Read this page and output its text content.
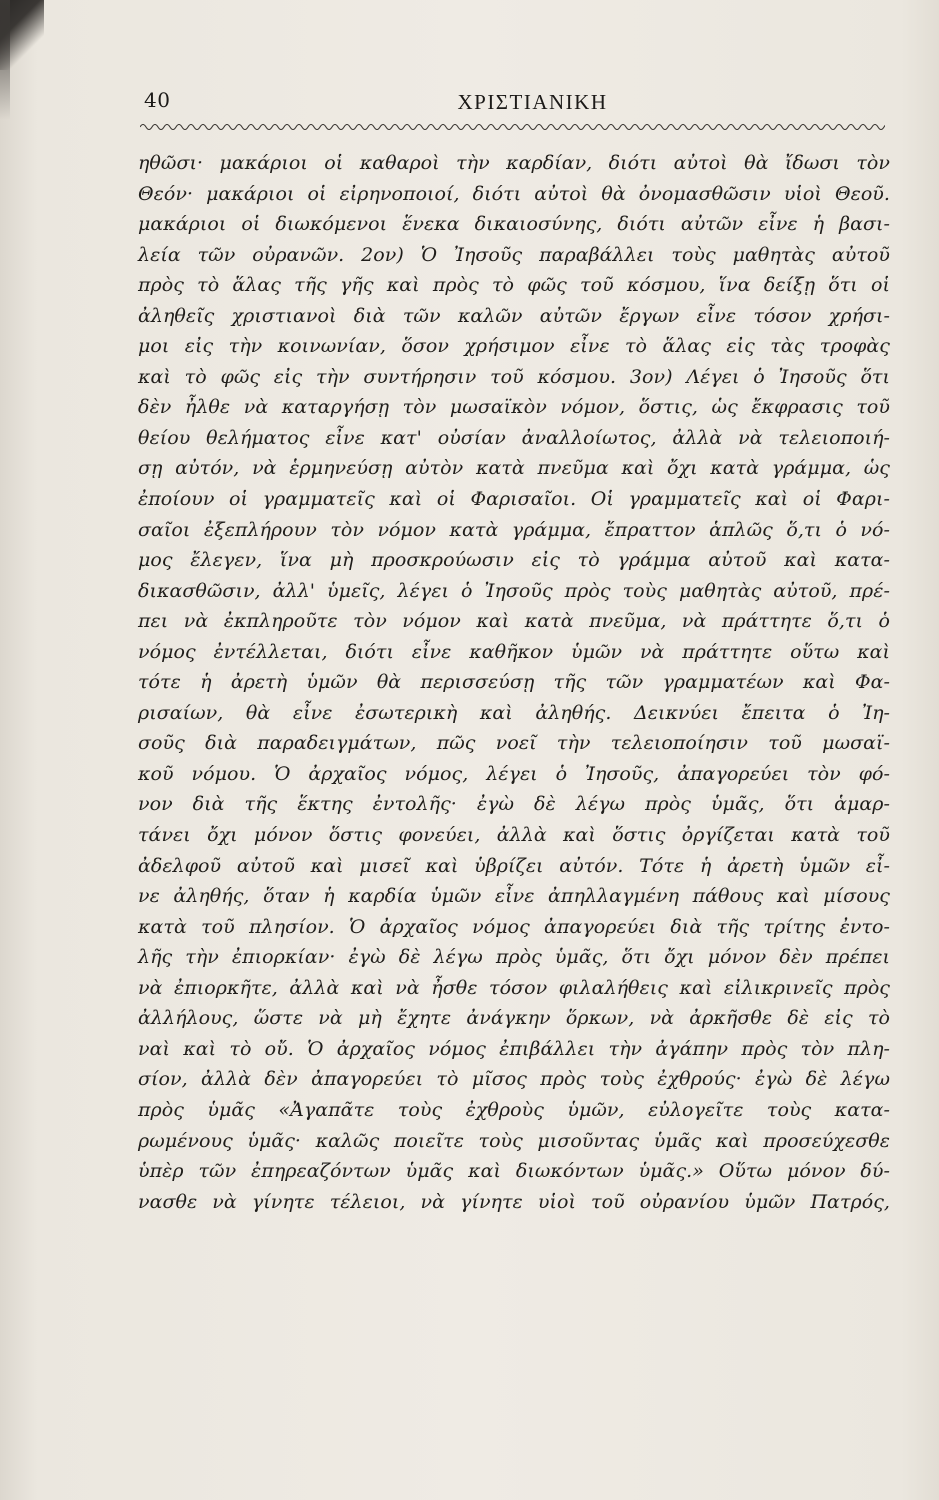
40	ΧΡΙΣΤΙΑΝΙΚΗ
ηθῶσι· μακάριοι οἱ καθαροὶ τὴν καρδίαν, διότι αὐτοὶ θὰ ἴδωσι τὸν
Θεόν· μακάριοι οἱ εἰρηνοποιοί, διότι αὐτοὶ θὰ ὀνομασθῶσιν υἱοὶ Θεοῦ.
μακάριοι οἱ διωκόμενοι ἕνεκα δικαιοσύνης, διότι αὐτῶν εἶνε ἡ βασι-
λεία τῶν οὐρανῶν. 2ον) Ὁ Ἰησοῦς παραβάλλει τοὺς μαθητὰς αὐτοῦ
πρὸς τὸ ἅλας τῆς γῆς καὶ πρὸς τὸ φῶς τοῦ κόσμου, ἵνα δείξῃ ὅτι οἱ
ἀληθεῖς χριστιανοὶ διὰ τῶν καλῶν αὐτῶν ἔργων εἶνε τόσον χρήσι-
μοι εἰς τὴν κοινωνίαν, ὅσον χρήσιμον εἶνε τὸ ἅλας εἰς τὰς τροφὰς
καὶ τὸ φῶς εἰς τὴν συντήρησιν τοῦ κόσμου. 3ον) Λέγει ὁ Ἰησοῦς ὅτι
δὲν ἦλθε νὰ καταργήσῃ τὸν μωσαϊκὸν νόμον, ὅστις, ὡς ἔκφρασις τοῦ
θείου θελήματος εἶνε κατ' οὐσίαν ἀναλλοίωτος, ἀλλὰ νὰ τελειοποιή-
σῃ αὐτόν, νὰ ἑρμηνεύσῃ αὐτὸν κατὰ πνεῦμα καὶ ὄχι κατὰ γράμμα, ὡς
ἐποίουν οἱ γραμματεῖς καὶ οἱ Φαρισαῖοι. Οἱ γραμματεῖς καὶ οἱ Φαρι-
σαῖοι ἐξεπλήρουν τὸν νόμον κατὰ γράμμα, ἔπραττον ἁπλῶς ὅ,τι ὁ νό-
μος ἔλεγεν, ἵνα μὴ προσκρούωσιν εἰς τὸ γράμμα αὐτοῦ καὶ κατα-
δικασθῶσιν, ἀλλ' ὑμεῖς, λέγει ὁ Ἰησοῦς πρὸς τοὺς μαθητὰς αὐτοῦ, πρέ-
πει νὰ ἐκπληροῦτε τὸν νόμον καὶ κατὰ πνεῦμα, νὰ πράττητε ὅ,τι ὁ
νόμος ἐντέλλεται, διότι εἶνε καθῆκον ὑμῶν νὰ πράττητε οὕτω καὶ
τότε ἡ ἀρετὴ ὑμῶν θὰ περισσεύσῃ τῆς τῶν γραμματέων καὶ Φα-
ρισαίων, θὰ εἶνε ἐσωτερικὴ καὶ ἀληθής. Δεικνύει ἔπειτα ὁ Ἰη-
σοῦς διὰ παραδειγμάτων, πῶς νοεῖ τὴν τελειοποίησιν τοῦ μωσαϊ-
κοῦ νόμου. Ὁ ἀρχαῖος νόμος, λέγει ὁ Ἰησοῦς, ἀπαγορεύει τὸν φό-
νον διὰ τῆς ἕκτης ἐντολῆς· ἐγὼ δὲ λέγω πρὸς ὑμᾶς, ὅτι ἁμαρ-
τάνει ὄχι μόνον ὅστις φονεύει, ἀλλὰ καὶ ὅστις ὀργίζεται κατὰ τοῦ
ἀδελφοῦ αὐτοῦ καὶ μισεῖ καὶ ὑβρίζει αὐτόν. Τότε ἡ ἀρετὴ ὑμῶν εἶ-
νε ἀληθής, ὅταν ἡ καρδία ὑμῶν εἶνε ἀπηλλαγμένη πάθους καὶ μίσους
κατὰ τοῦ πλησίον. Ὁ ἀρχαῖος νόμος ἀπαγορεύει διὰ τῆς τρίτης ἐντο-
λῆς τὴν ἐπιορκίαν· ἐγὼ δὲ λέγω πρὸς ὑμᾶς, ὅτι ὄχι μόνον δὲν πρέπει
νὰ ἐπιορκῆτε, ἀλλὰ καὶ νὰ ἦσθε τόσον φιλαλήθεις καὶ εἰλικρινεῖς πρὸς
ἀλλήλους, ὥστε νὰ μὴ ἔχητε ἀνάγκην ὅρκων, νὰ ἀρκῆσθε δὲ εἰς τὸ
ναὶ καὶ τὸ οὔ. Ὁ ἀρχαῖος νόμος ἐπιβάλλει τὴν ἀγάπην πρὸς τὸν πλη-
σίον, ἀλλὰ δὲν ἀπαγορεύει τὸ μῖσος πρὸς τοὺς ἐχθρούς· ἐγὼ δὲ λέγω
πρὸς ὑμᾶς «Ἀγαπᾶτε τοὺς ἐχθροὺς ὑμῶν, εὐλογεῖτε τοὺς κατα-
ρωμένους ὑμᾶς· καλῶς ποιεῖτε τοὺς μισοῦντας ὑμᾶς καὶ προσεύχεσθε
ὑπὲρ τῶν ἐπηρεαζόντων ὑμᾶς καὶ διωκόντων ὑμᾶς.» Οὕτω μόνον δύ-
νασθε νὰ γίνητε τέλειοι, νὰ γίνητε υἱοὶ τοῦ οὐρανίου ὑμῶν Πατρός,
